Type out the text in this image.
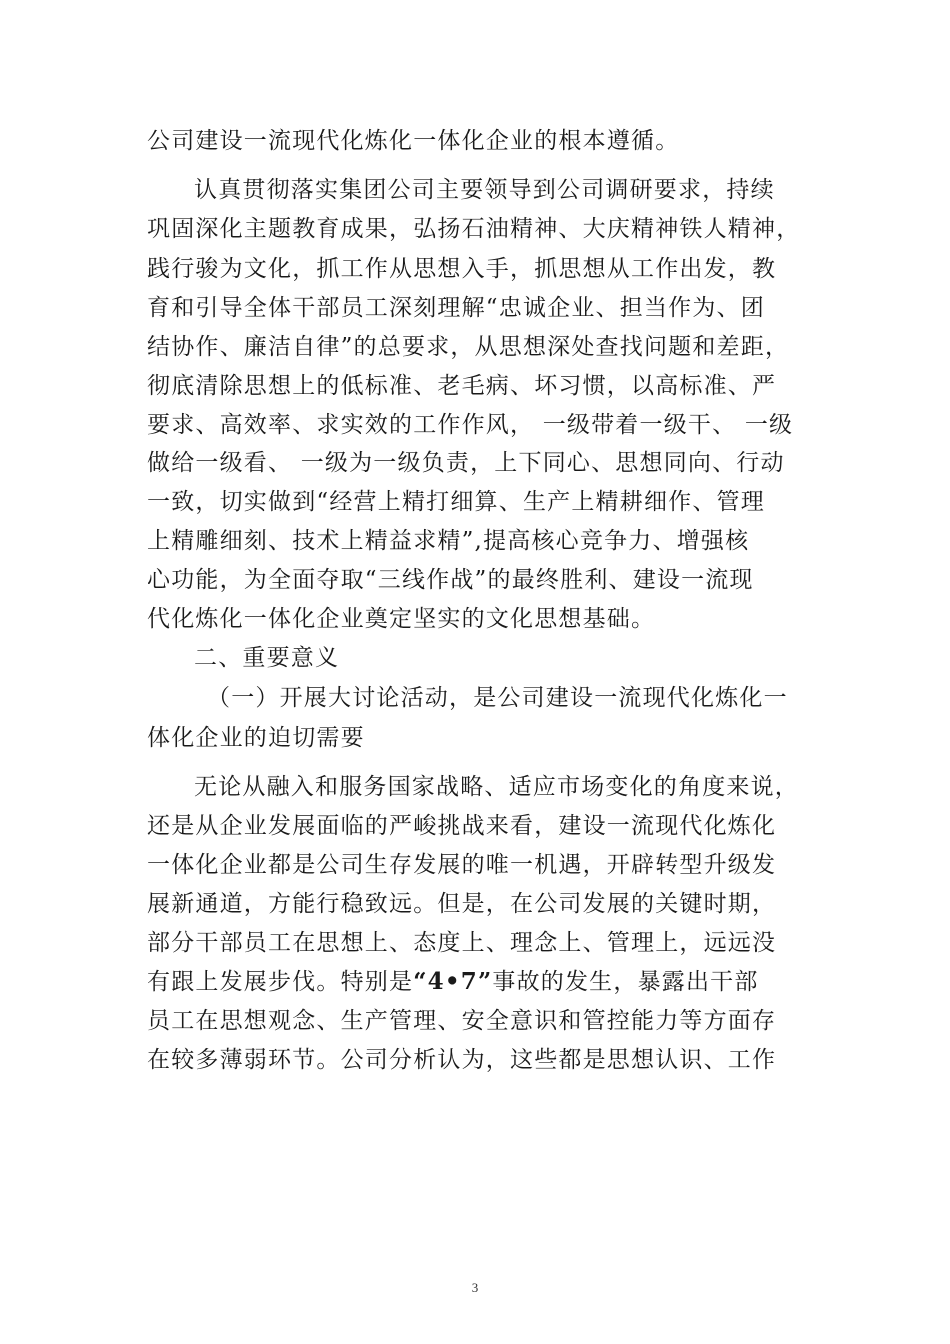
公司建设一流现代化炼化一体化企业的根本遵循。
认真贯彻落实集团公司主要领导到公司调研要求，持续
巩固深化主题教育成果，弘扬石油精神、大庆精神铁人精神，
践行骏为文化，抓工作从思想入手，抓思想从工作出发，教
育和引导全体干部员工深刻理解“忠诚企业、担当作为、团
结协作、廉洁自律”的总要求，从思想深处查找问题和差距，
彻底清除思想上的低标准、老毛病、坏习惯，以高标准、严
要求、高效率、求实效的工作作风， 一级带着一级干、 一级
做给一级看、 一级为一级负责，上下同心、思想同向、行动
一致，切实做到“经营上精打细算、生产上精耕细作、管理
上精雕细刻、技术上精益求精”,提高核心竞争力、增强核
心功能，为全面夺取“三线作战”的最终胜利、建设一流现
代化炼化一体化企业奠定坚实的文化思想基础。
二、重要意义
（一）开展大讨论活动，是公司建设一流现代化炼化一
体化企业的迫切需要
无论从融入和服务国家战略、适应市场变化的角度来说，
还是从企业发展面临的严峻挑战来看，建设一流现代化炼化
一体化企业都是公司生存发展的唯一机遇，开辟转型升级发
展新通道，方能行稳致远。但是，在公司发展的关键时期，
部分干部员工在思想上、态度上、理念上、管理上，远远没
有跟上发展步伐。特别是“4•7”事故的发生，暴露出干部
员工在思想观念、生产管理、安全意识和管控能力等方面存
在较多薄弱环节。公司分析认为，这些都是思想认识、工作
3
